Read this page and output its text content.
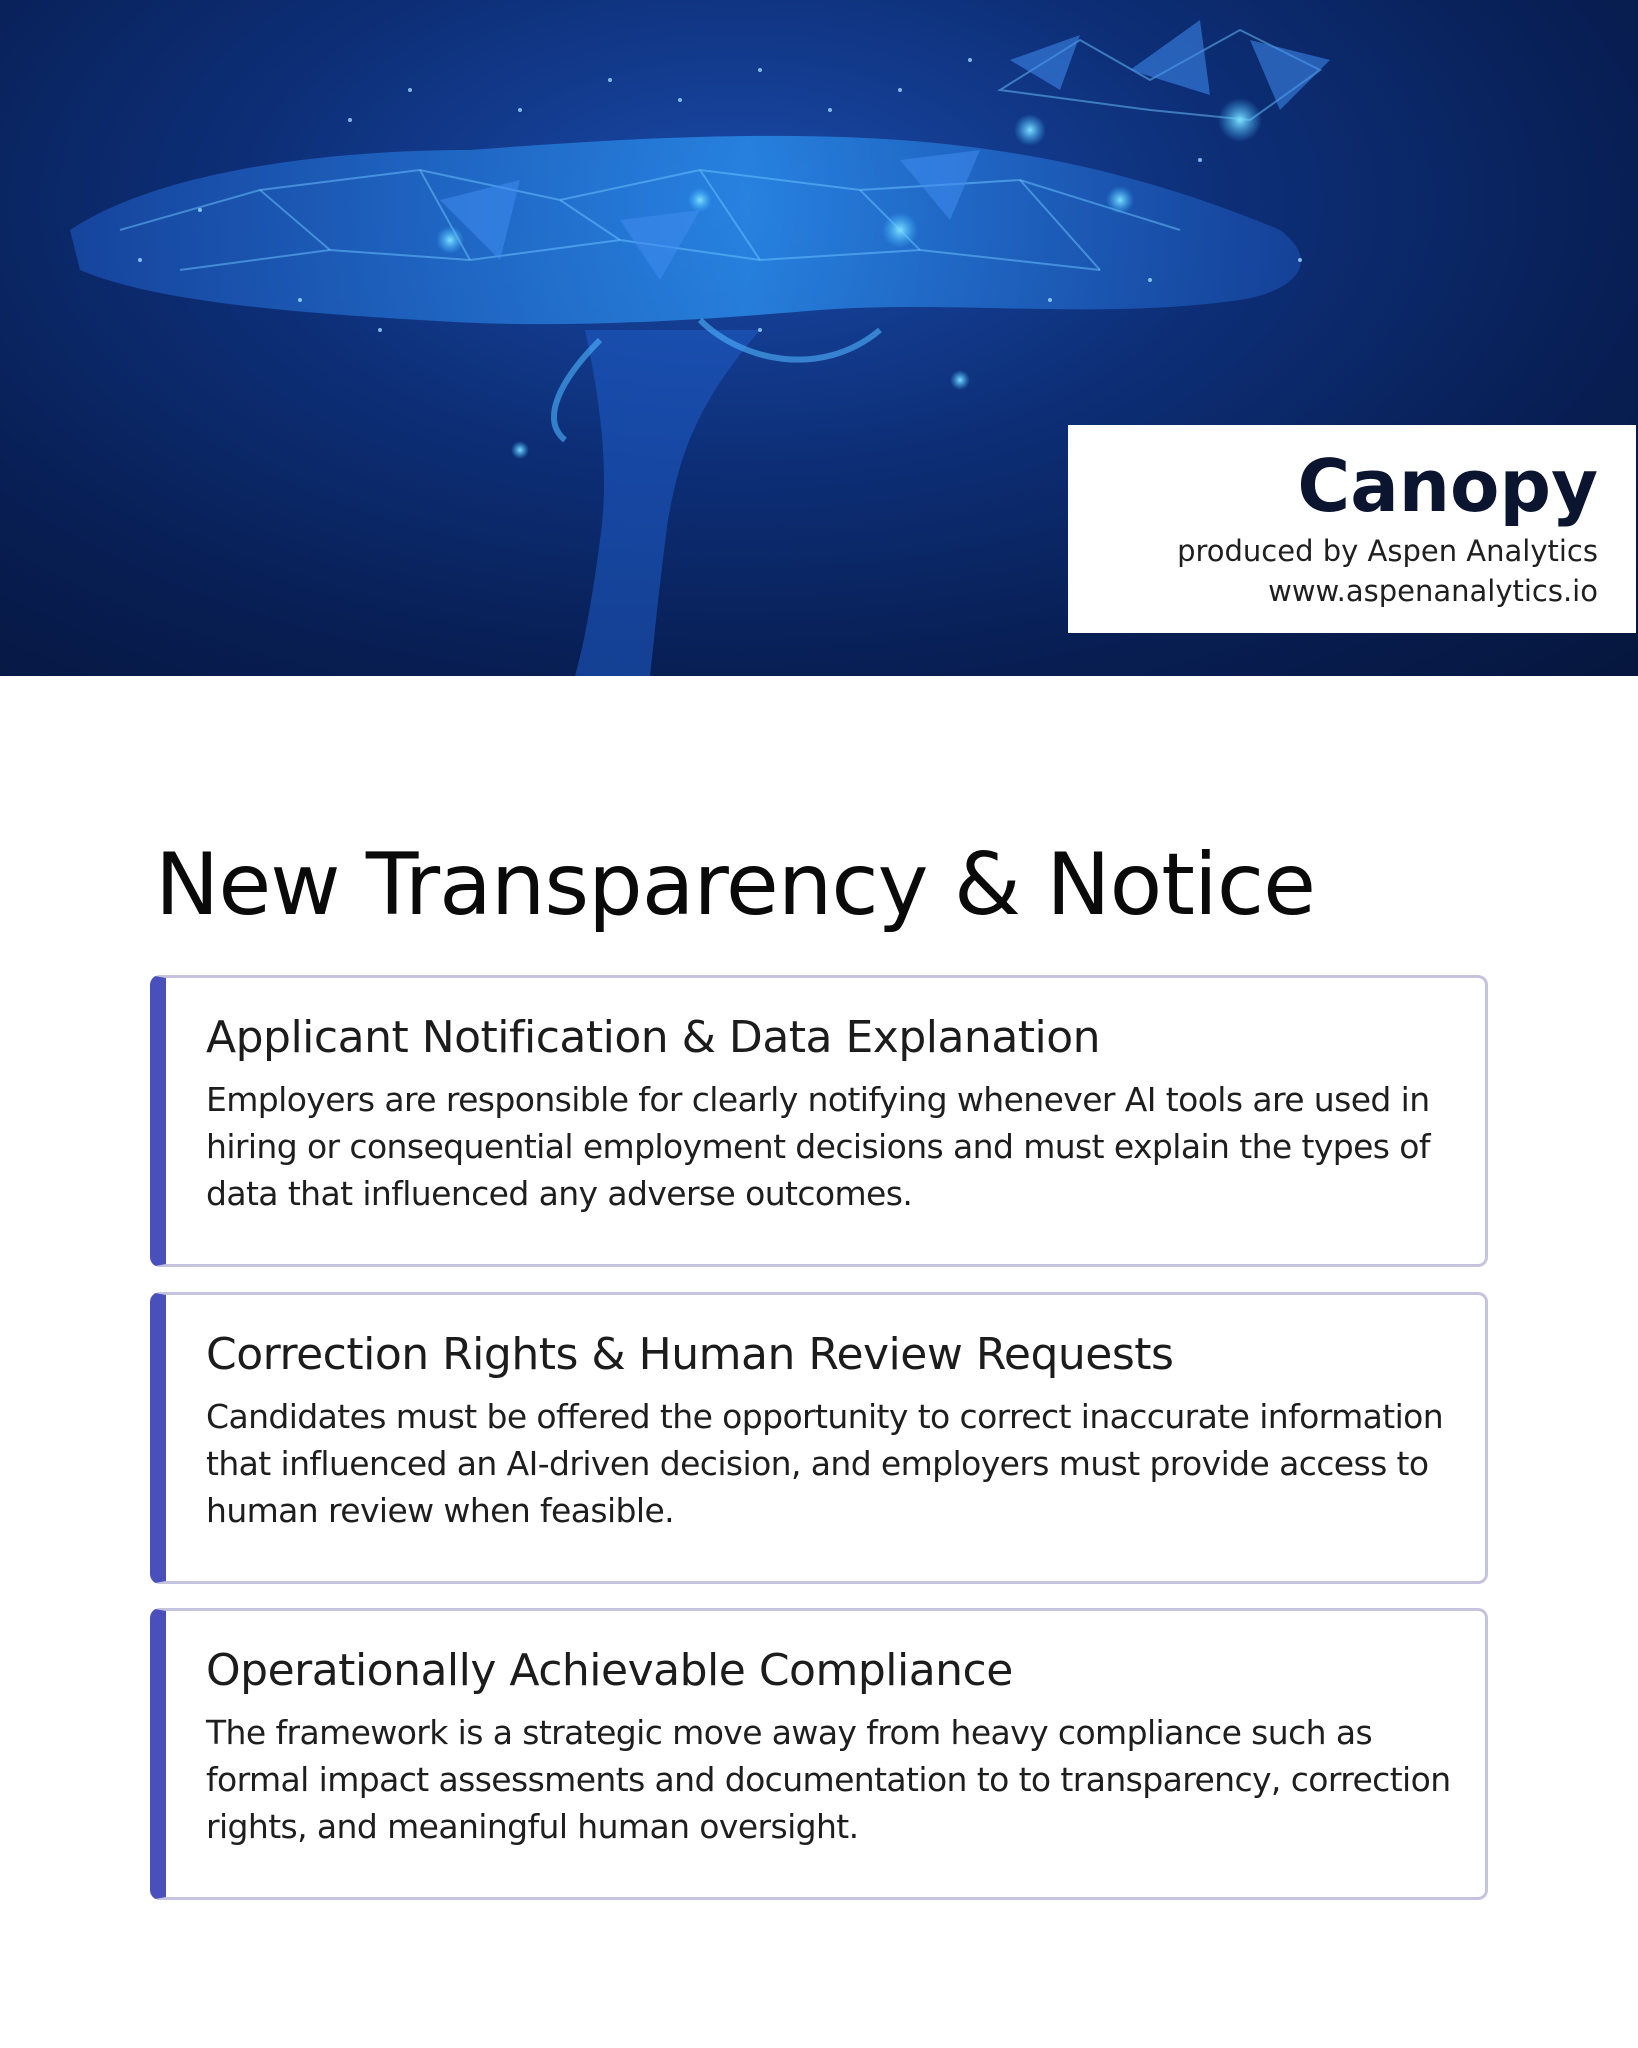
Canopy

produced by Aspen Analytics

www.aspenanalytics.io

New Transparency & Notice
Applicant Notification & Data Explanation

Employers are responsible for clearly notifying whenever AI tools are used in hiring or consequential employment decisions and must explain the types of data that influenced any adverse outcomes.

Correction Rights & Human Review Requests

Candidates must be offered the opportunity to correct inaccurate information that influenced an AI-driven decision, and employers must provide access to human review when feasible.

Operationally Achievable Compliance

The framework is a strategic move away from heavy compliance such as formal impact assessments and documentation to to transparency, correction rights, and meaningful human oversight.
